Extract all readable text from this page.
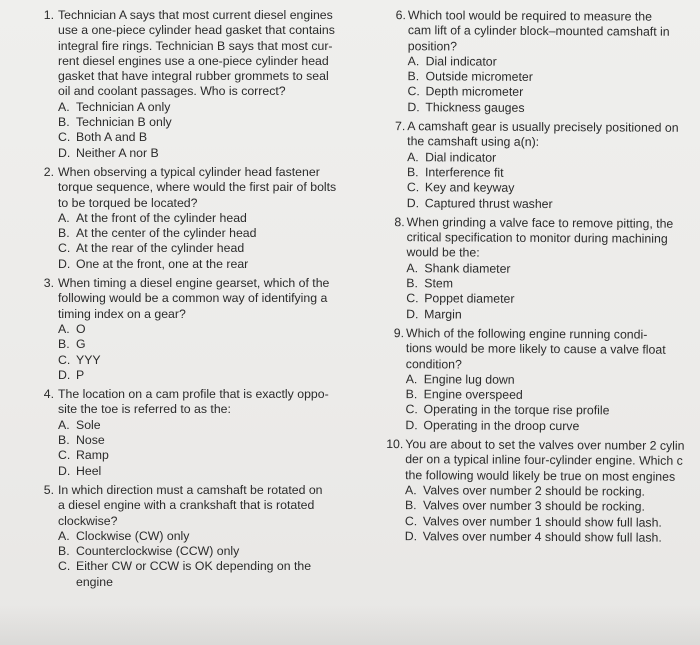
1. Technician A says that most current diesel engines
use a one-piece cylinder head gasket that contains
integral fire rings. Technician B says that most cur-
rent diesel engines use a one-piece cylinder head
gasket that have integral rubber grommets to seal
oil and coolant passages. Who is correct?
A. Technician A only
B. Technician B only
C. Both A and B
D. Neither A nor B
2. When observing a typical cylinder head fastener
torque sequence, where would the first pair of bolts
to be torqued be located?
A. At the front of the cylinder head
B. At the center of the cylinder head
C. At the rear of the cylinder head
D. One at the front, one at the rear
3. When timing a diesel engine gearset, which of the
following would be a common way of identifying a
timing index on a gear?
A. O
B. G
C. YYY
D. P
4. The location on a cam profile that is exactly oppo-
site the toe is referred to as the:
A. Sole
B. Nose
C. Ramp
D. Heel
5. In which direction must a camshaft be rotated on
a diesel engine with a crankshaft that is rotated
clockwise?
A. Clockwise (CW) only
B. Counterclockwise (CCW) only
C. Either CW or CCW is OK depending on the
engine
6. Which tool would be required to measure the
cam lift of a cylinder block–mounted camshaft in
position?
A. Dial indicator
B. Outside micrometer
C. Depth micrometer
D. Thickness gauges
7. A camshaft gear is usually precisely positioned on
the camshaft using a(n):
A. Dial indicator
B. Interference fit
C. Key and keyway
D. Captured thrust washer
8. When grinding a valve face to remove pitting, the
critical specification to monitor during machining
would be the:
A. Shank diameter
B. Stem
C. Poppet diameter
D. Margin
9. Which of the following engine running condi-
tions would be more likely to cause a valve float
condition?
A. Engine lug down
B. Engine overspeed
C. Operating in the torque rise profile
D. Operating in the droop curve
10. You are about to set the valves over number 2 cylin
der on a typical inline four-cylinder engine. Which c
the following would likely be true on most engines
A. Valves over number 2 should be rocking.
B. Valves over number 3 should be rocking.
C. Valves over number 1 should show full lash.
D. Valves over number 4 should show full lash.
